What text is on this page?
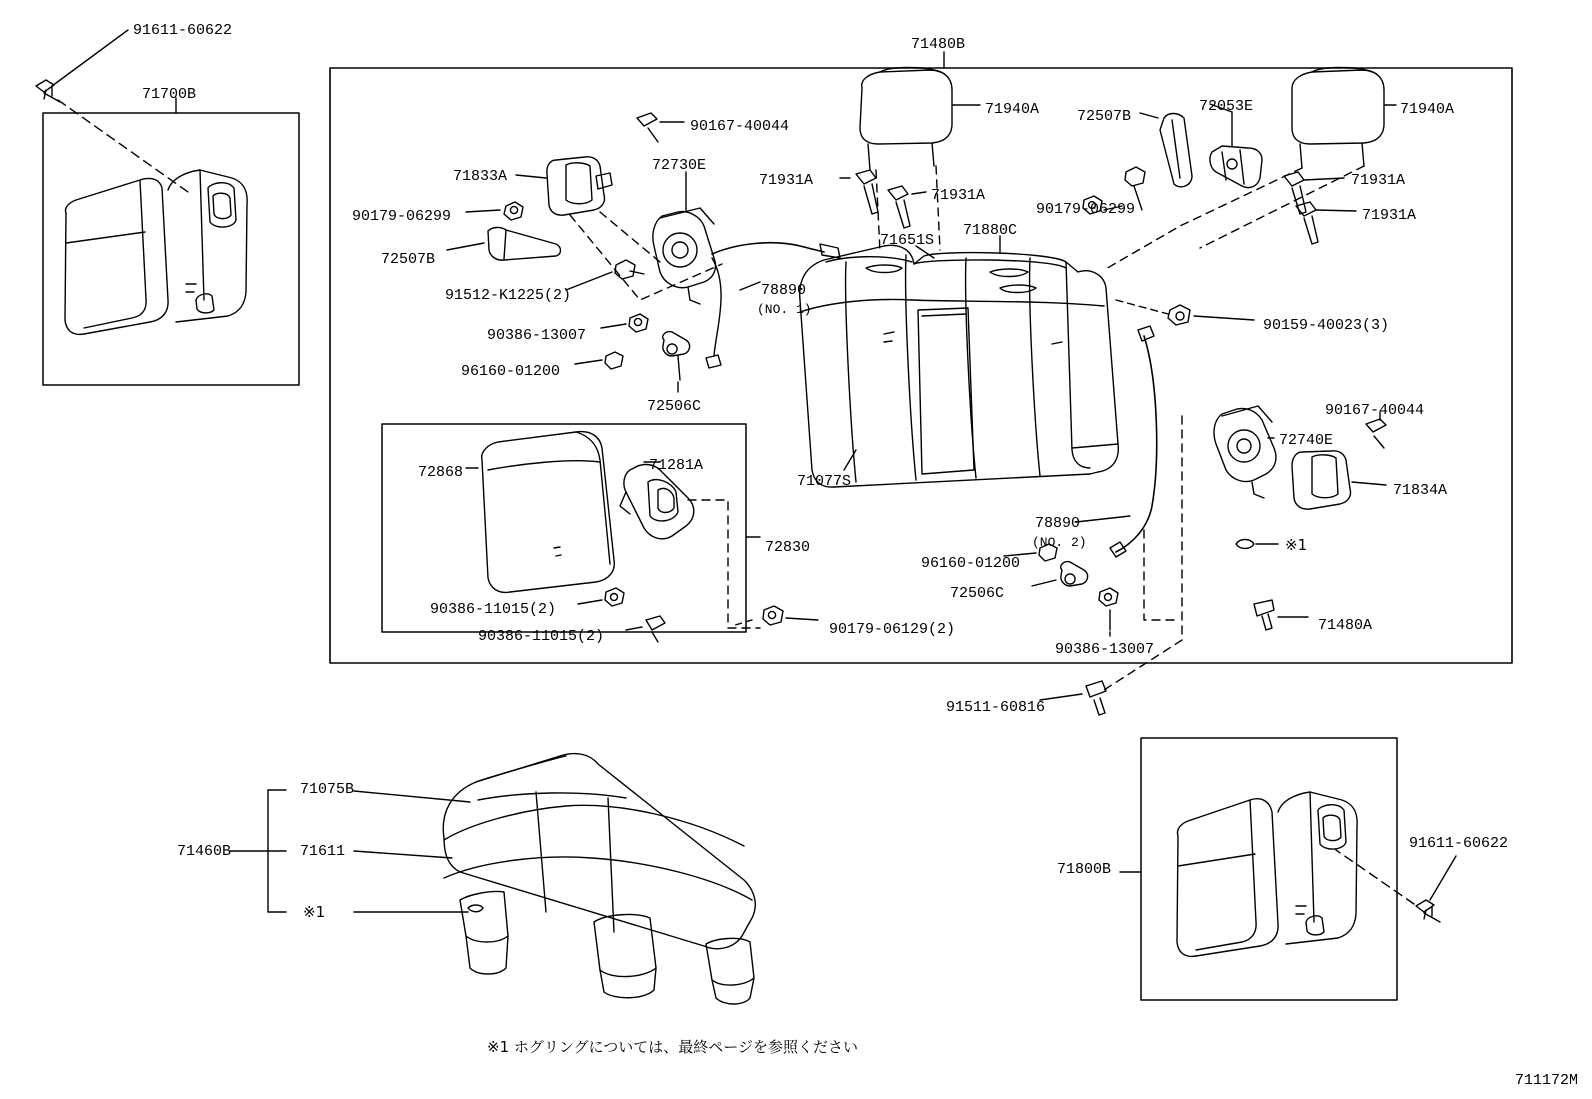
91611-60622
71700B
71480B
71940A	72507B
72053E	71940A
90167-40044
71833A
72730E
71931A
71931A
71931A
71931A
90179-06299	90179-06299
72507B
71651S
71880C
91512-K1225(2)	78890
(NO. 1)
90386-13007
96160-01200
90159-40023(3)
72506C	90167-40044
72868	71281A
72740E
71077S
71834A
72830
78890
(NO. 2)	※1
96160-01200
72506C
90386-11015(2)
90386-11015(2)	90179-06129(2)
90386-13007
71480A
91511-60816
71075B
71460B	71611
※1
71800B
91611-60622
※1 ホグリングについては、最終ページを参照ください
711172M
